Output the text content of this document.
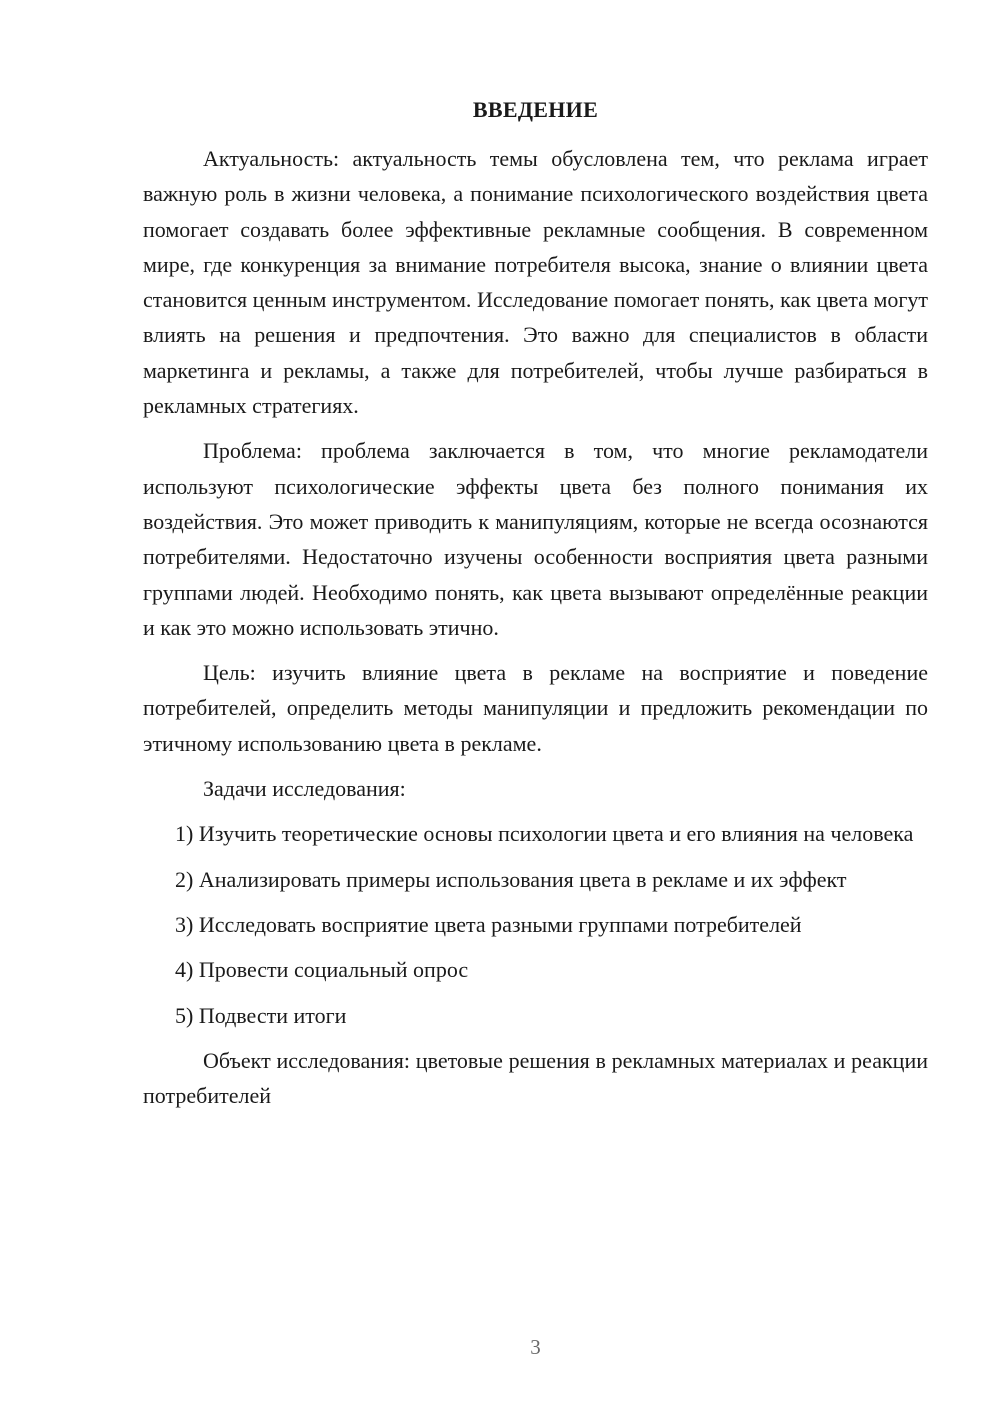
ВВЕДЕНИЕ

Актуальность: актуальность темы обусловлена тем, что реклама играет важную роль в жизни человека, а понимание психологического воздействия цвета помогает создавать более эффективные рекламные сообщения. В современном мире, где конкуренция за внимание потребителя высока, знание о влиянии цвета становится ценным инструментом. Исследование помогает понять, как цвета могут влиять на решения и предпочтения. Это важно для специалистов в области маркетинга и рекламы, а также для потребителей, чтобы лучше разбираться в рекламных стратегиях.

Проблема: проблема заключается в том, что многие рекламодатели используют психологические эффекты цвета без полного понимания их воздействия. Это может приводить к манипуляциям, которые не всегда осознаются потребителями. Недостаточно изучены особенности восприятия цвета разными группами людей. Необходимо понять, как цвета вызывают определённые реакции и как это можно использовать этично.

Цель: изучить влияние цвета в рекламе на восприятие и поведение потребителей, определить методы манипуляции и предложить рекомендации по этичному использованию цвета в рекламе.

Задачи исследования:

1) Изучить теоретические основы психологии цвета и его влияния на человека

2) Анализировать примеры использования цвета в рекламе и их эффект

3) Исследовать восприятие цвета разными группами потребителей

4) Провести социальный опрос

5) Подвести итоги

Объект исследования: цветовые решения в рекламных материалах и реакции потребителей

3
